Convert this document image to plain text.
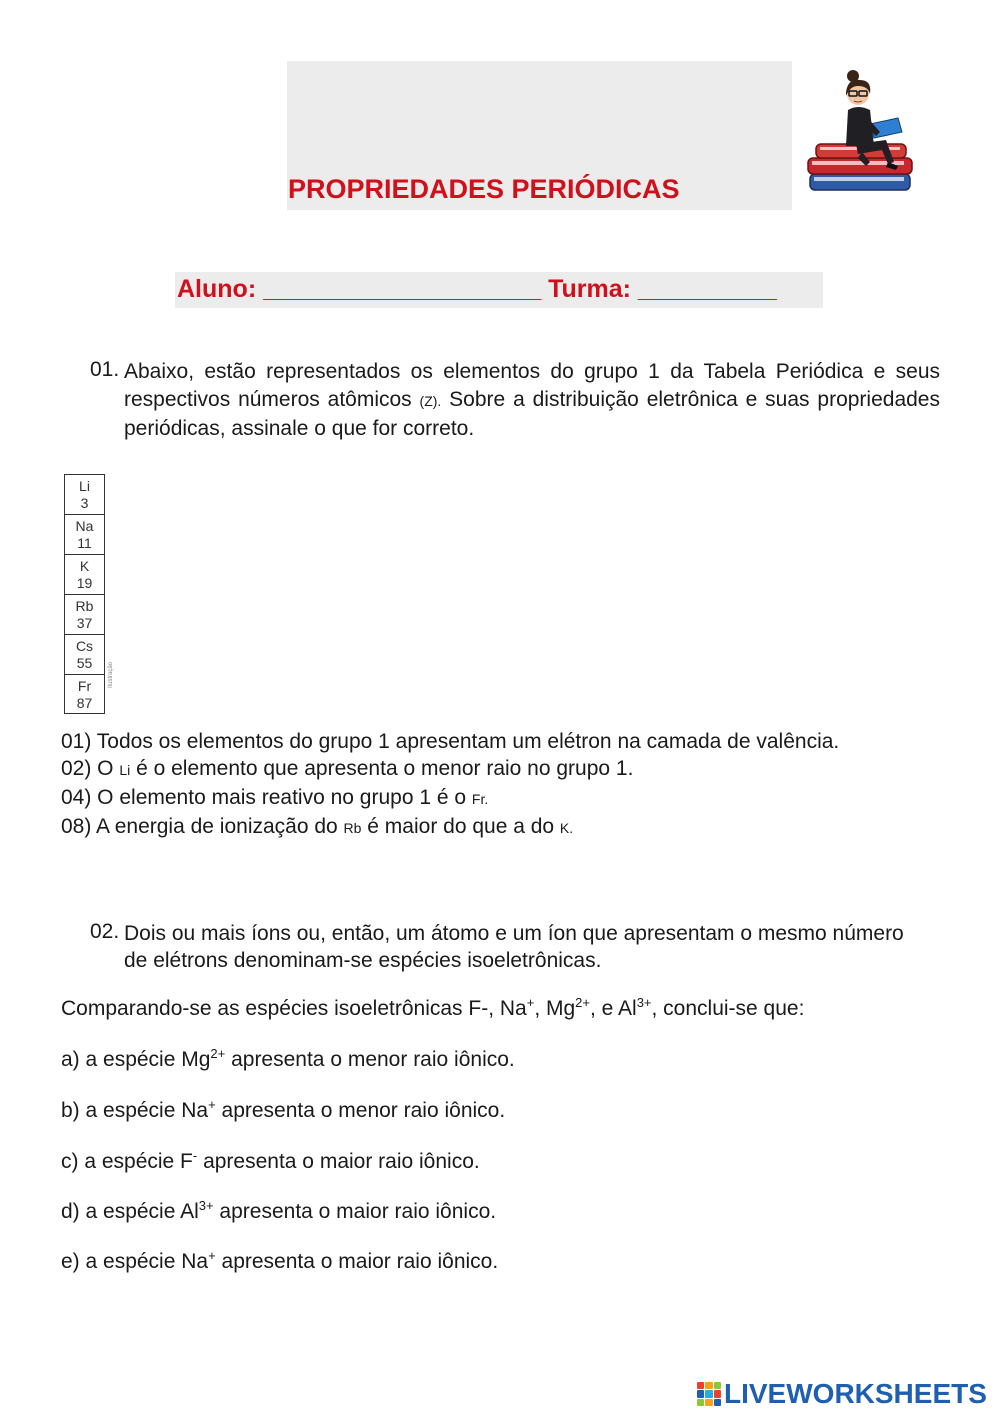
PROPRIEDADES PERIÓDICAS
Aluno: ____________________ Turma: __________
01. Abaixo, estão representados os elementos do grupo 1 da Tabela Periódica e seus respectivos números atômicos (Z). Sobre a distribuição eletrônica e suas propriedades periódicas, assinale o que for correto.
Li
3
Na
11
K
19
Rb
37
Cs
55
Fr
87
Ilustração
01) Todos os elementos do grupo 1 apresentam um elétron na camada de valência.
02) O Li é o elemento que apresenta o menor raio no grupo 1.
04) O elemento mais reativo no grupo 1 é o Fr.
08) A energia de ionização do Rb é maior do que a do K.
02. Dois ou mais íons ou, então, um átomo e um íon que apresentam o mesmo número de elétrons denominam-se espécies isoeletrônicas.
Comparando-se as espécies isoeletrônicas F-, Na+, $Mg^{2+}$, e $Al^{3+}$, conclui-se que:
a) a espécie $Mg^{2+}$ apresenta o menor raio iônico.
b) a espécie Na+ apresenta o menor raio iônico.
c) a espécie F- apresenta o maior raio iônico.
d) a espécie $Al^{3+}$ apresenta o maior raio iônico.
e) a espécie Na+ apresenta o maior raio iônico.
LIVEWORKSHEETS
